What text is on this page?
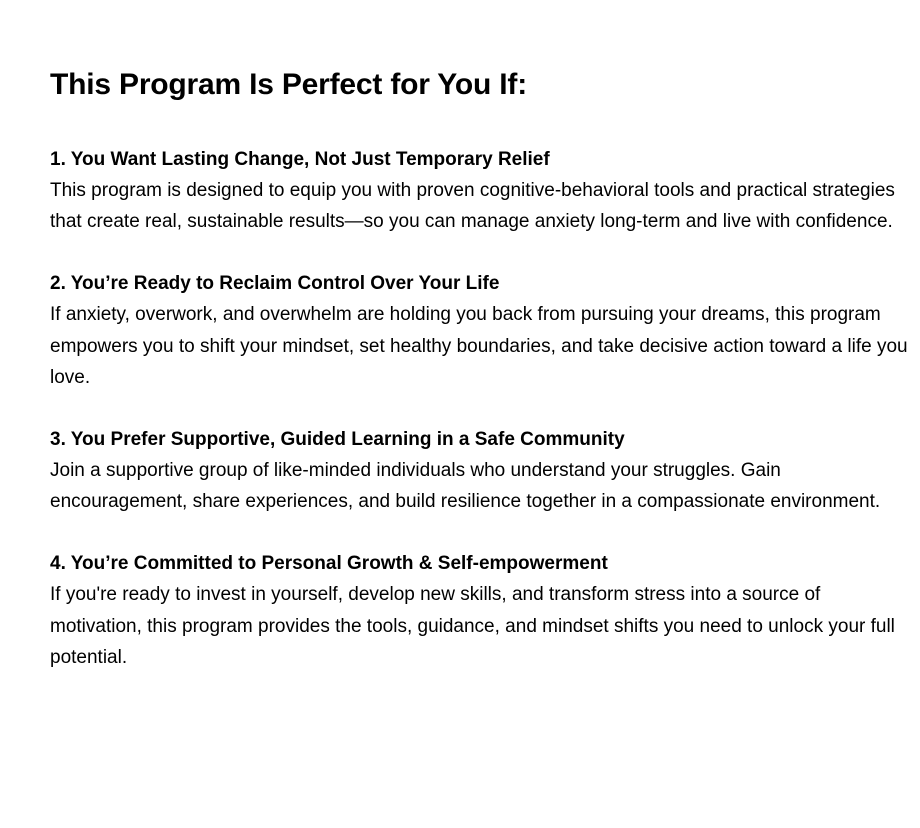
This Program Is Perfect for You If:

1. You Want Lasting Change, Not Just Temporary Relief

This program is designed to equip you with proven cognitive-behavioral tools and practical strategies that create real, sustainable results—so you can manage anxiety long-term and live with confidence.

2. You’re Ready to Reclaim Control Over Your Life

If anxiety, overwork, and overwhelm are holding you back from pursuing your dreams, this program empowers you to shift your mindset, set healthy boundaries, and take decisive action toward a life you love.

3. You Prefer Supportive, Guided Learning in a Safe Community

Join a supportive group of like-minded individuals who understand your struggles. Gain encouragement, share experiences, and build resilience together in a compassionate environment.

4. You’re Committed to Personal Growth & Self-empowerment

If you're ready to invest in yourself, develop new skills, and transform stress into a source of motivation, this program provides the tools, guidance, and mindset shifts you need to unlock your full potential.
